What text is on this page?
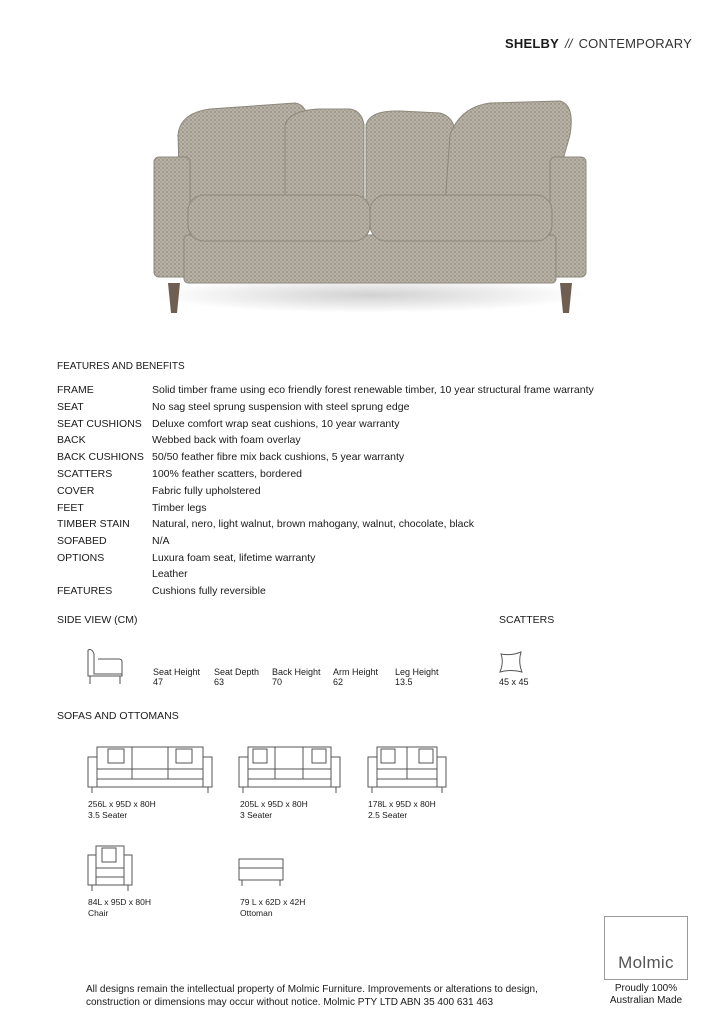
SHELBY // CONTEMPORARY
FEATURES AND BENEFITS
FRAME	Solid timber frame using eco friendly forest renewable timber, 10 year structural frame warranty
SEAT	No sag steel sprung suspension with steel sprung edge
SEAT CUSHIONS Deluxe comfort wrap seat cushions, 10 year warranty
BACK	Webbed back with foam overlay
BACK CUSHIONS 50/50 feather fibre mix back cushions, 5 year warranty
SCATTERS	100% feather scatters, bordered
COVER	Fabric fully upholstered
FEET	Timber legs
TIMBER STAIN	Natural, nero, light walnut, brown mahogany, walnut, chocolate, black
SOFABED	N/A
OPTIONS	Luxura foam seat, lifetime warranty
Leather
FEATURES	Cushions fully reversible
SIDE VIEW (CM)
Seat Height
47
Seat Depth
63
Back Height
70
Arm Height
62
Leg Height
13.5
SCATTERS
45 x 45
SOFAS AND OTTOMANS
256L x 95D x 80H
3.5 Seater
205L x 95D x 80H
3 Seater
178L x 95D x 80H
2.5 Seater
84L x 95D x 80H
Chair
79 L x 62D x 42H
Ottoman
Molmic
Proudly 100%
Australian Made
All designs remain the intellectual property of Molmic Furniture. Improvements or alterations to design,
construction or dimensions may occur without notice. Molmic PTY LTD ABN 35 400 631 463
